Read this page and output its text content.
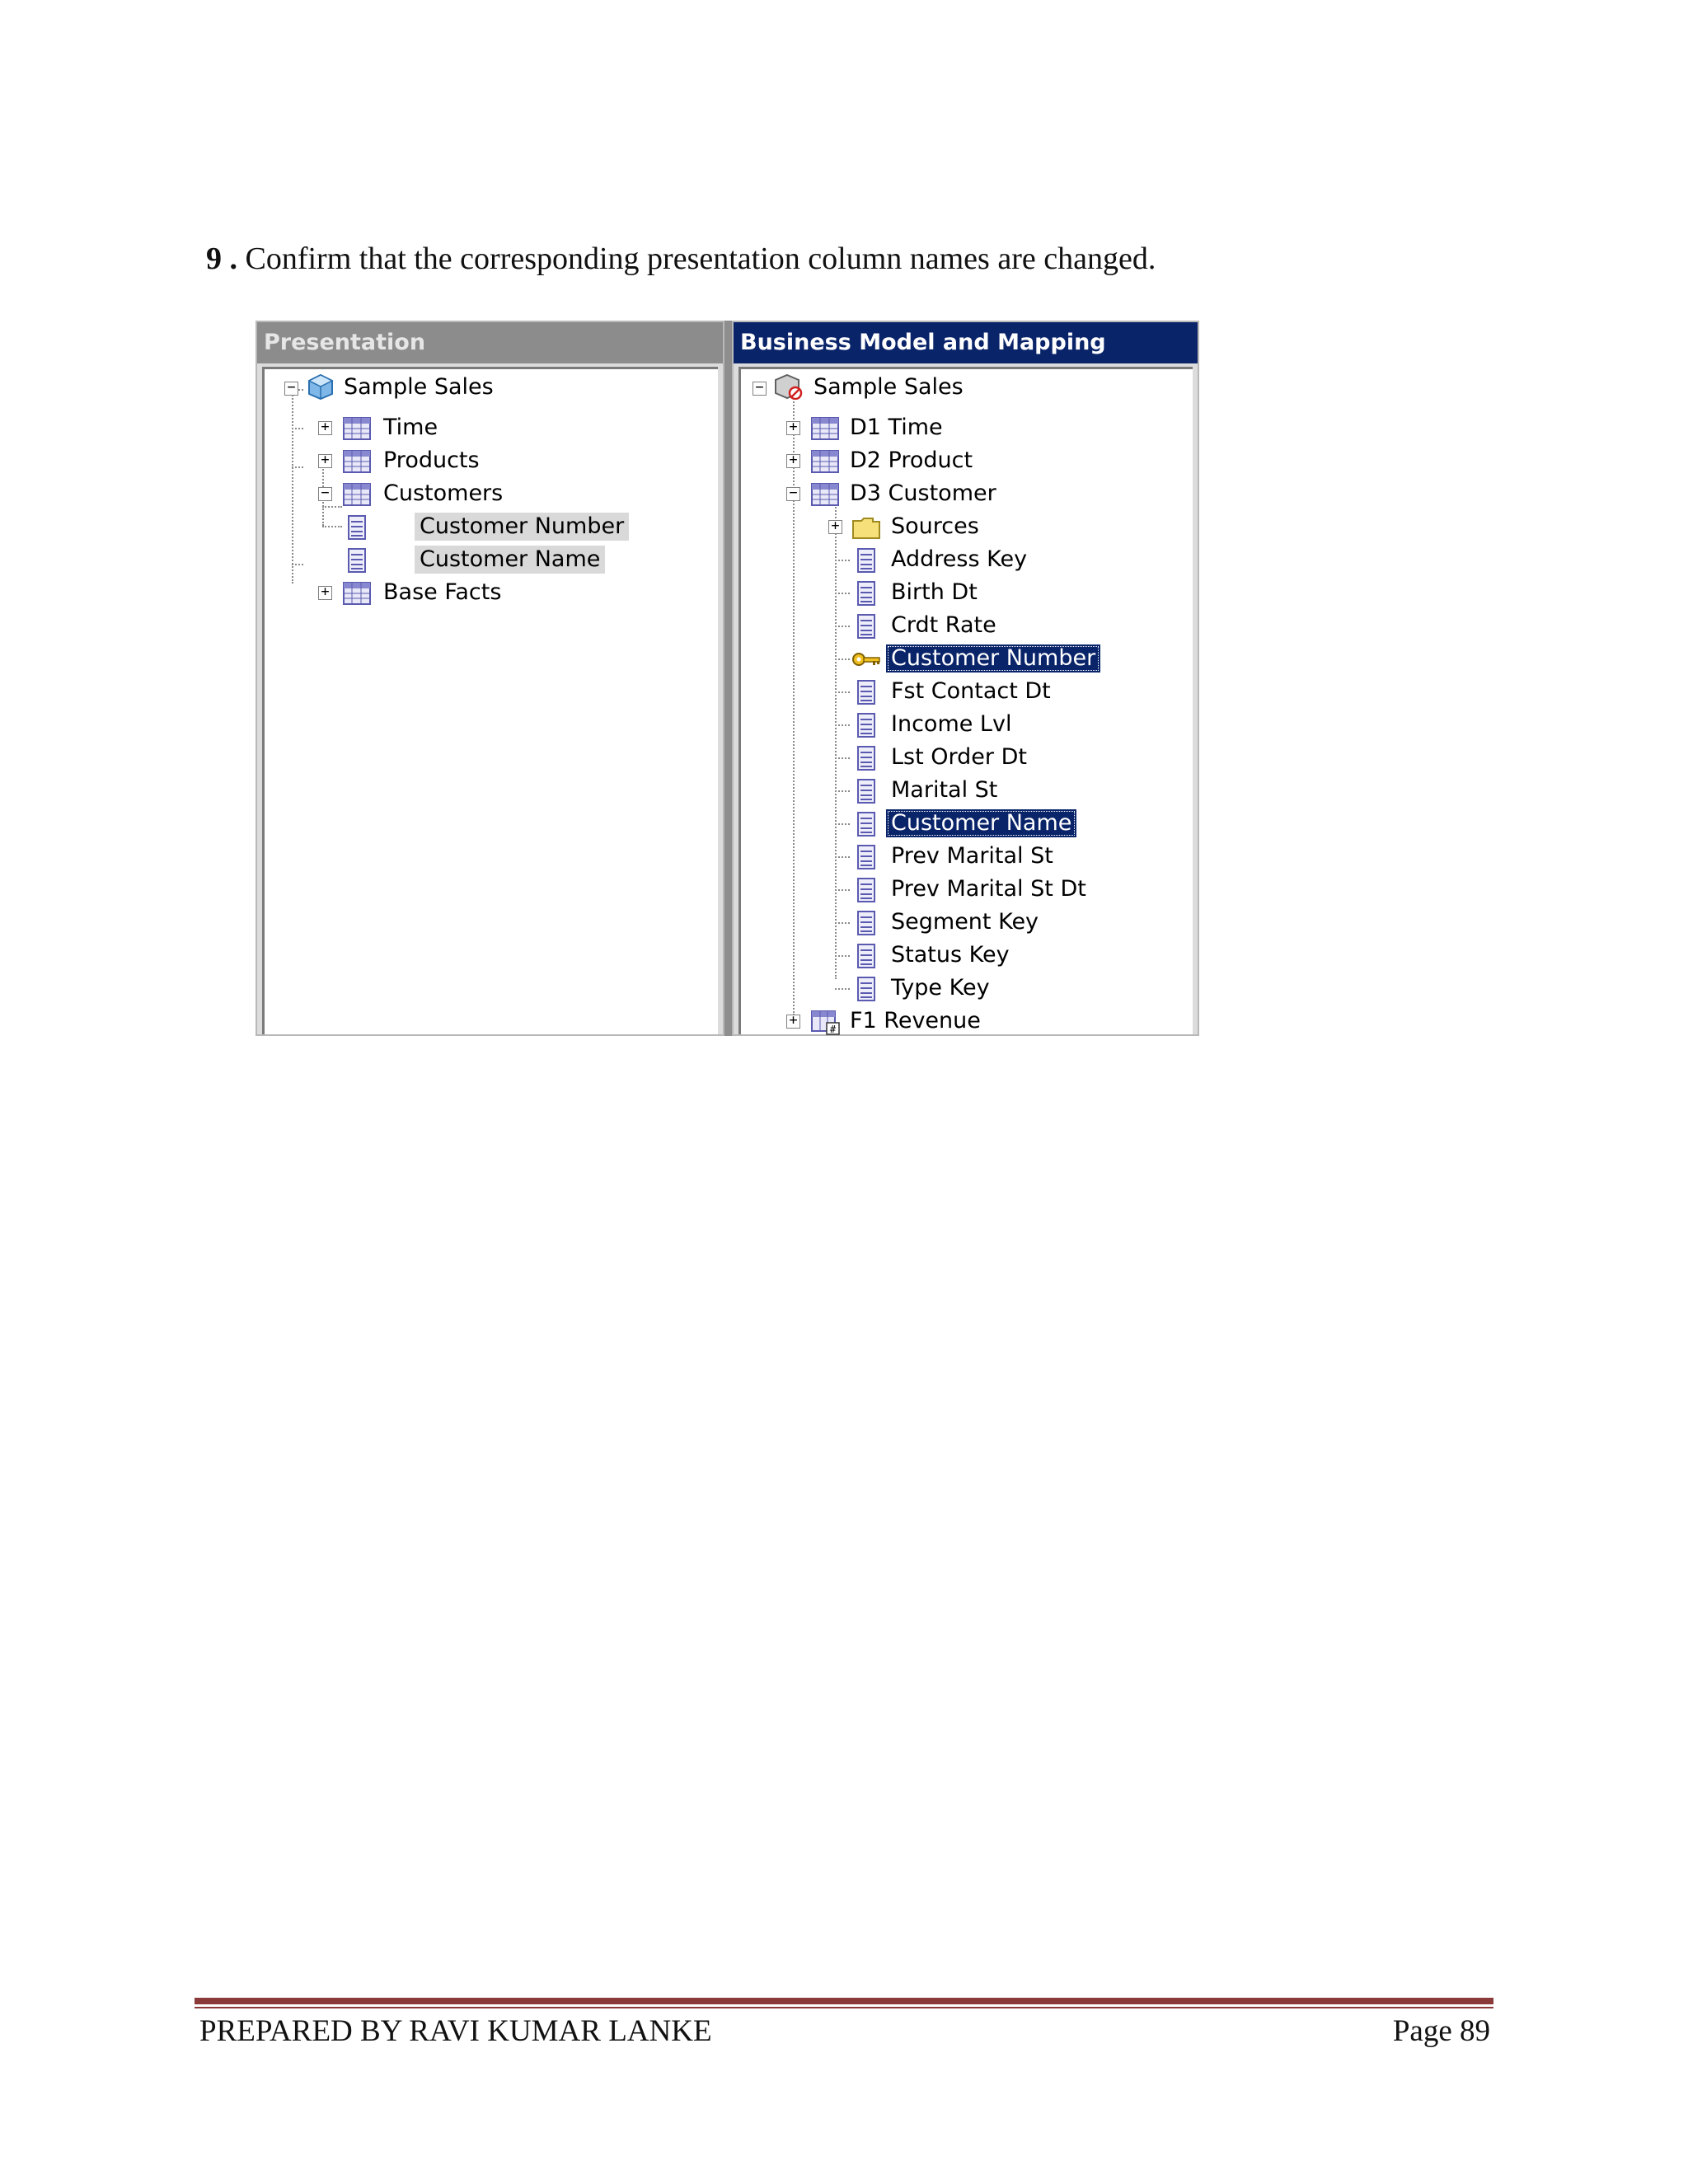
9 . Confirm that the corresponding presentation column names are changed.
Presentation
− Sample Sales
+ Time
+ Products
− Customers
Customer Number
Customer Name
+ Base Facts
Business Model and Mapping
− Sample Sales
+ D1 Time
+ D2 Product
− D3 Customer
+ Sources
Address Key
Birth Dt
Crdt Rate
Customer Number
Fst Contact Dt
Income Lvl
Lst Order Dt
Marital St
Customer Name
Prev Marital St
Prev Marital St Dt
Segment Key
Status Key
Type Key
+
# F1 Revenue
PREPARED BY RAVI KUMAR LANKE	Page 89
